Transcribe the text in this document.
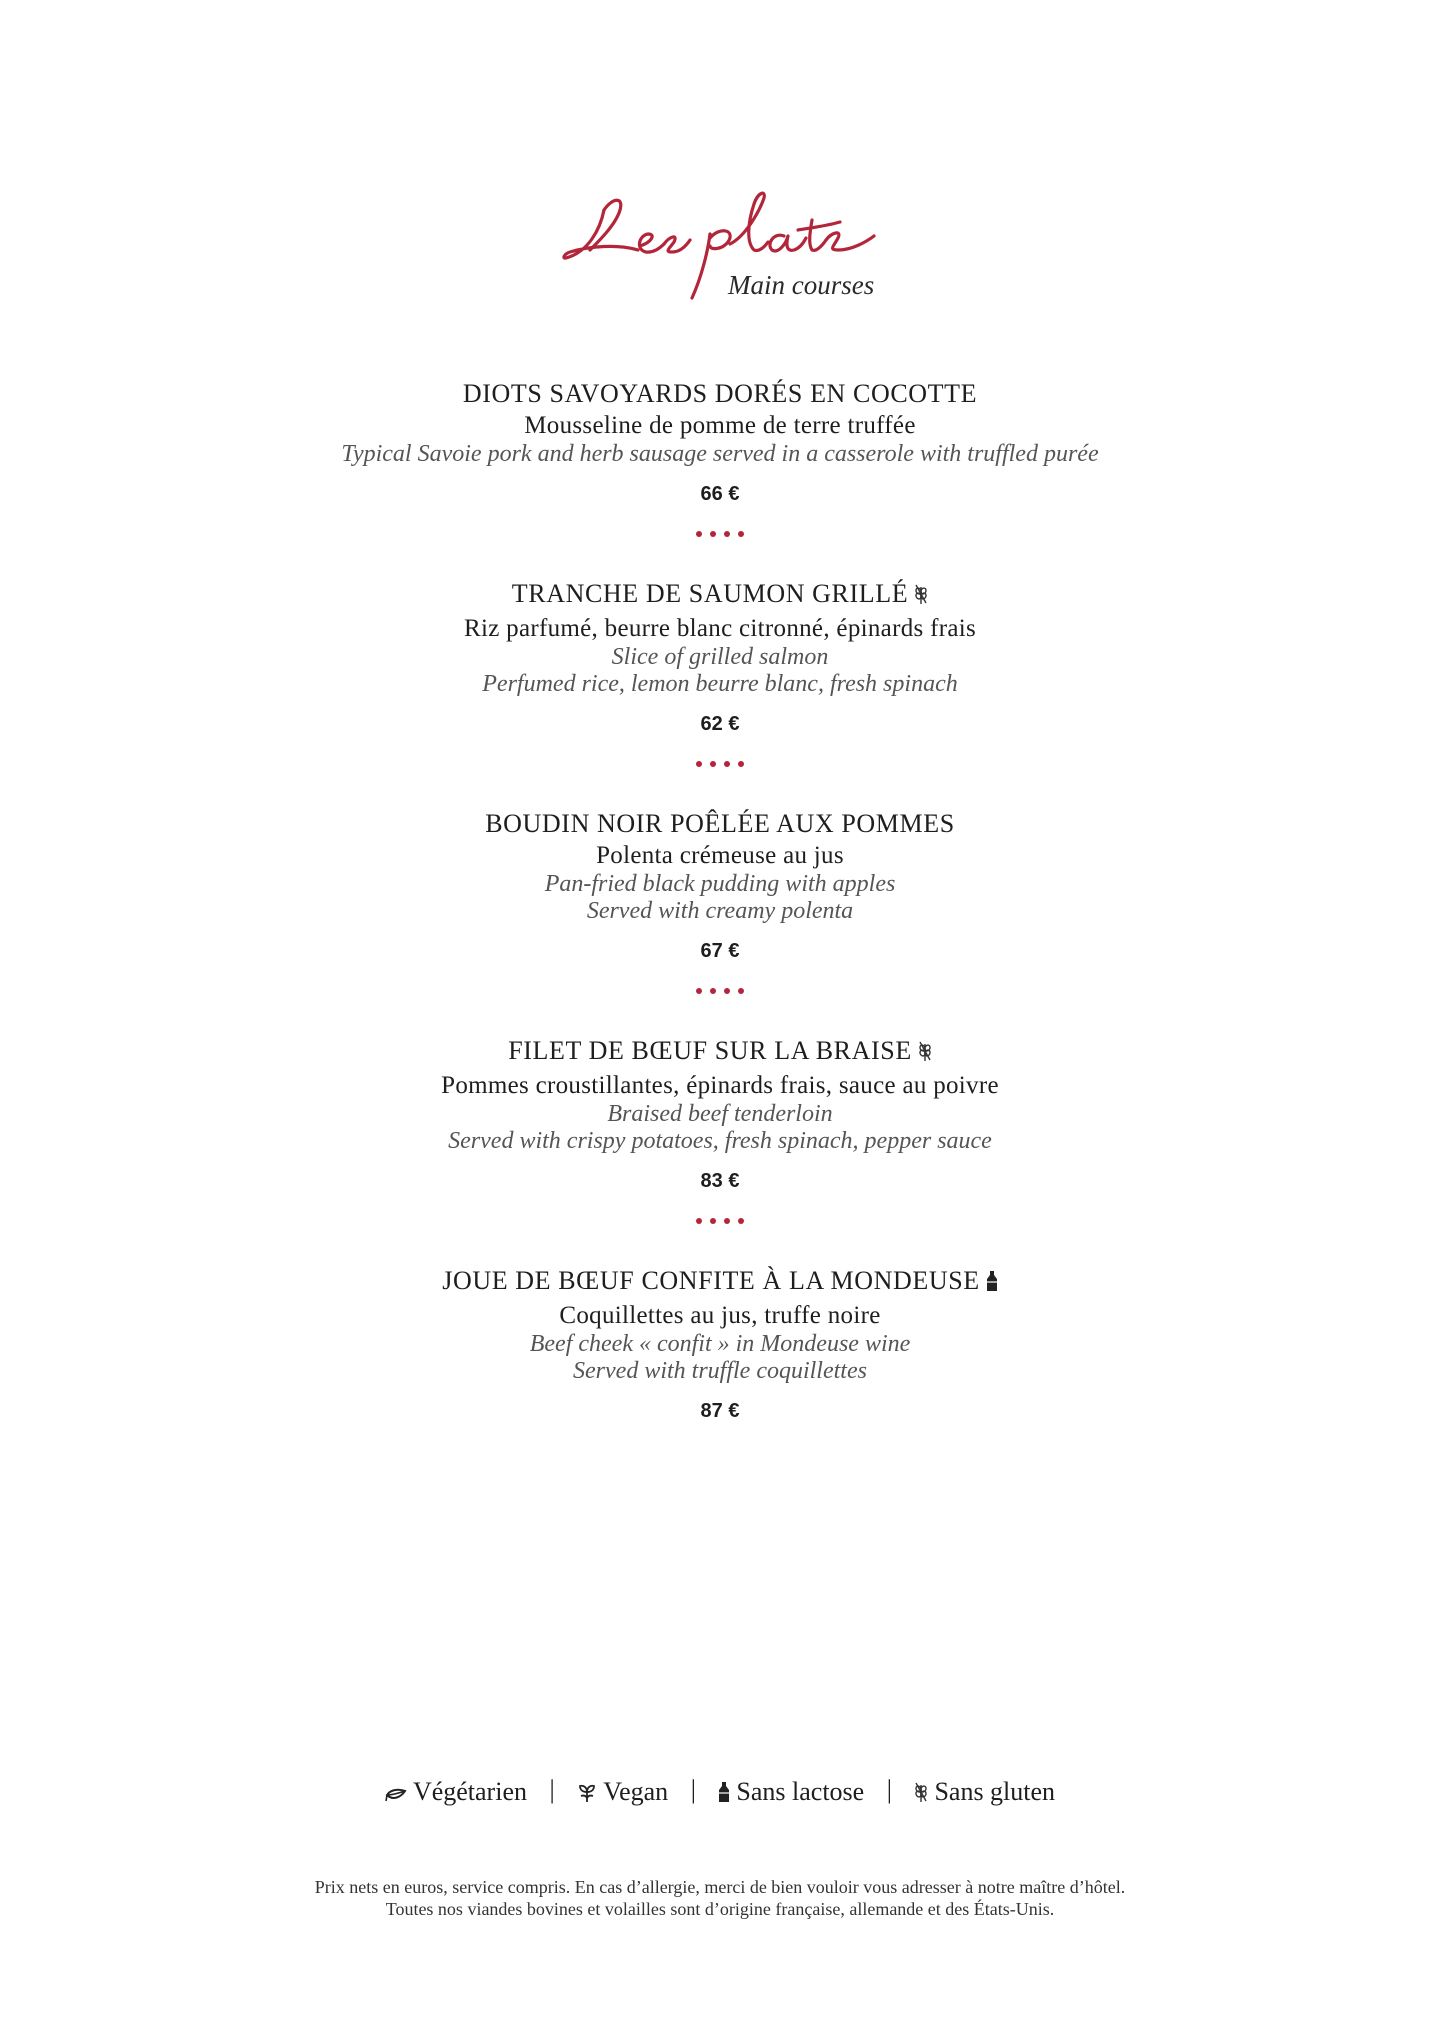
Main courses
DIOTS SAVOYARDS DORÉS EN COCOTTE
Mousseline de pomme de terre truffée
Typical Savoie pork and herb sausage served in a casserole with truffled purée
66 €
TRANCHE DE SAUMON GRILLÉ
Riz parfumé, beurre blanc citronné, épinards frais
Slice of grilled salmon
Perfumed rice, lemon beurre blanc, fresh spinach
62 €
BOUDIN NOIR POÊLÉE AUX POMMES
Polenta crémeuse au jus
Pan-fried black pudding with apples
Served with creamy polenta
67 €
FILET DE BŒUF SUR LA BRAISE
Pommes croustillantes, épinards frais, sauce au poivre
Braised beef tenderloin
Served with crispy potatoes, fresh spinach, pepper sauce
83 €
JOUE DE BŒUF CONFITE À LA MONDEUSE
Coquillettes au jus, truffe noire
Beef cheek « confit » in Mondeuse wine
Served with truffle coquillettes
87 €
Végétarien | Vegan | Sans lactose | Sans gluten
Prix nets en euros, service compris. En cas d’allergie, merci de bien vouloir vous adresser à notre maître d’hôtel.
Toutes nos viandes bovines et volailles sont d’origine française, allemande et des États-Unis.
